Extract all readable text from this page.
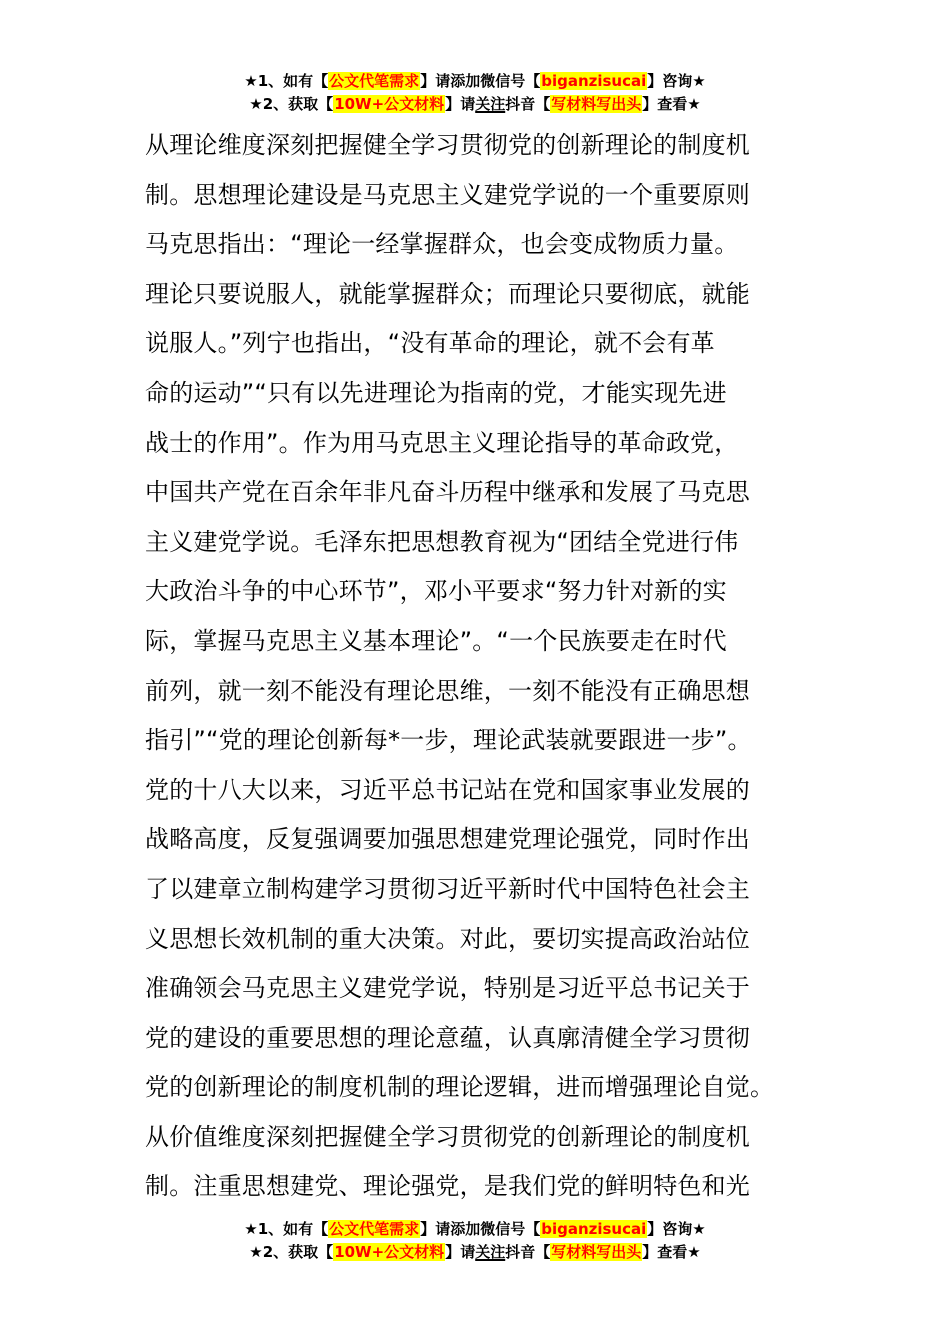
★1、如有【公文代笔需求】请添加微信号【biganzisucai】咨询★
★2、获取【10W+公文材料】请关注抖音【写材料写出头】查看★
从理论维度深刻把握健全学习贯彻党的创新理论的制度机
制。思想理论建设是马克思主义建党学说的一个重要原则
马克思指出：“理论一经掌握群众，也会变成物质力量。
理论只要说服人，就能掌握群众；而理论只要彻底，就能
说服人。”列宁也指出，“没有革命的理论，就不会有革
命的运动”“只有以先进理论为指南的党，才能实现先进
战士的作用”。作为用马克思主义理论指导的革命政党，
中国共产党在百余年非凡奋斗历程中继承和发展了马克思
主义建党学说。毛泽东把思想教育视为“团结全党进行伟
大政治斗争的中心环节”，邓小平要求“努力针对新的实
际，掌握马克思主义基本理论”。“一个民族要走在时代
前列，就一刻不能没有理论思维，一刻不能没有正确思想
指引”“党的理论创新每*一步，理论武装就要跟进一步”。
党的十八大以来，习近平总书记站在党和国家事业发展的
战略高度，反复强调要加强思想建党理论强党，同时作出
了以建章立制构建学习贯彻习近平新时代中国特色社会主
义思想长效机制的重大决策。对此，要切实提高政治站位
准确领会马克思主义建党学说，特别是习近平总书记关于
党的建设的重要思想的理论意蕴，认真廓清健全学习贯彻
党的创新理论的制度机制的理论逻辑，进而增强理论自觉。
从价值维度深刻把握健全学习贯彻党的创新理论的制度机
制。注重思想建党、理论强党，是我们党的鲜明特色和光
★1、如有【公文代笔需求】请添加微信号【biganzisucai】咨询★
★2、获取【10W+公文材料】请关注抖音【写材料写出头】查看★
